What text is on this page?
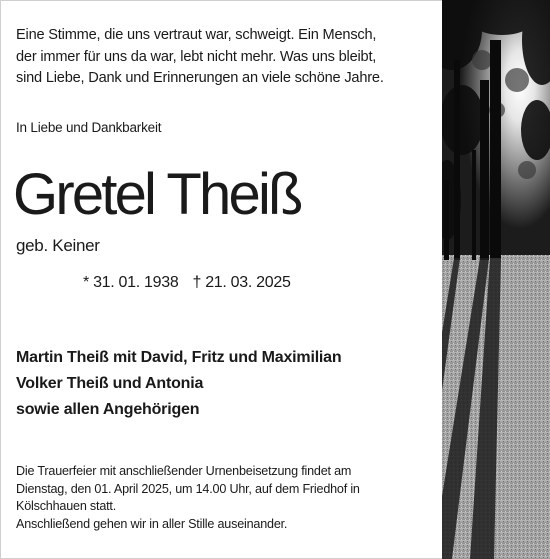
Eine Stimme, die uns vertraut war, schweigt. Ein Mensch,
der immer für uns da war, lebt nicht mehr. Was uns bleibt,
sind Liebe, Dank und Erinnerungen an viele schöne Jahre.
In Liebe und Dankbarkeit
Gretel Theiß
geb. Keiner
* 31. 01. 1938 † 21. 03. 2025
Martin Theiß mit David, Fritz und Maximilian
Volker Theiß und Antonia
sowie allen Angehörigen
Die Trauerfeier mit anschließender Urnenbeisetzung findet am
Dienstag, den 01. April 2025, um 14.00 Uhr, auf dem Friedhof in
Kölschhauen statt.
Anschließend gehen wir in aller Stille auseinander.
